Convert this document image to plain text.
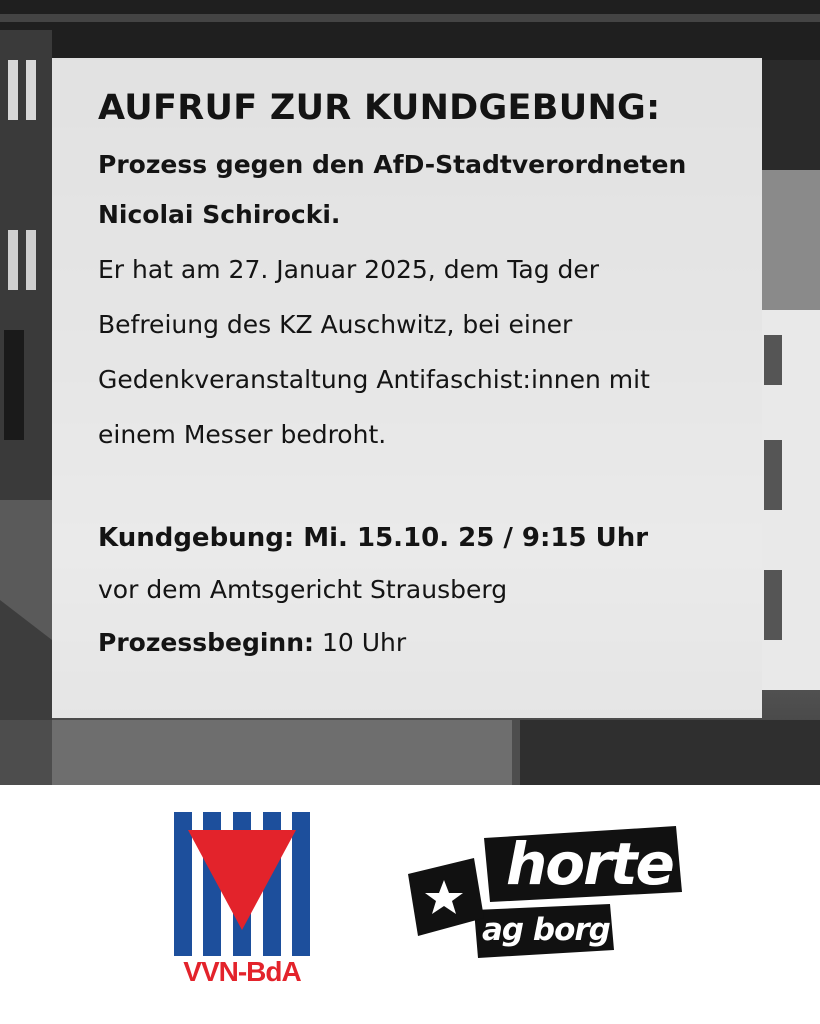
AUFRUF ZUR KUNDGEBUNG:
Prozess gegen den AfD-Stadtverordneten
Nicolai Schirocki.
Er hat am 27. Januar 2025, dem Tag der
Befreiung des KZ Auschwitz, bei einer
Gedenkveranstaltung Antifaschist:innen mit
einem Messer bedroht.
Kundgebung: Mi. 15.10. 25 / 9:15 Uhr
vor dem Amtsgericht Strausberg
Prozessbeginn: 10 Uhr
VVN-BdA
horte
ag borg
